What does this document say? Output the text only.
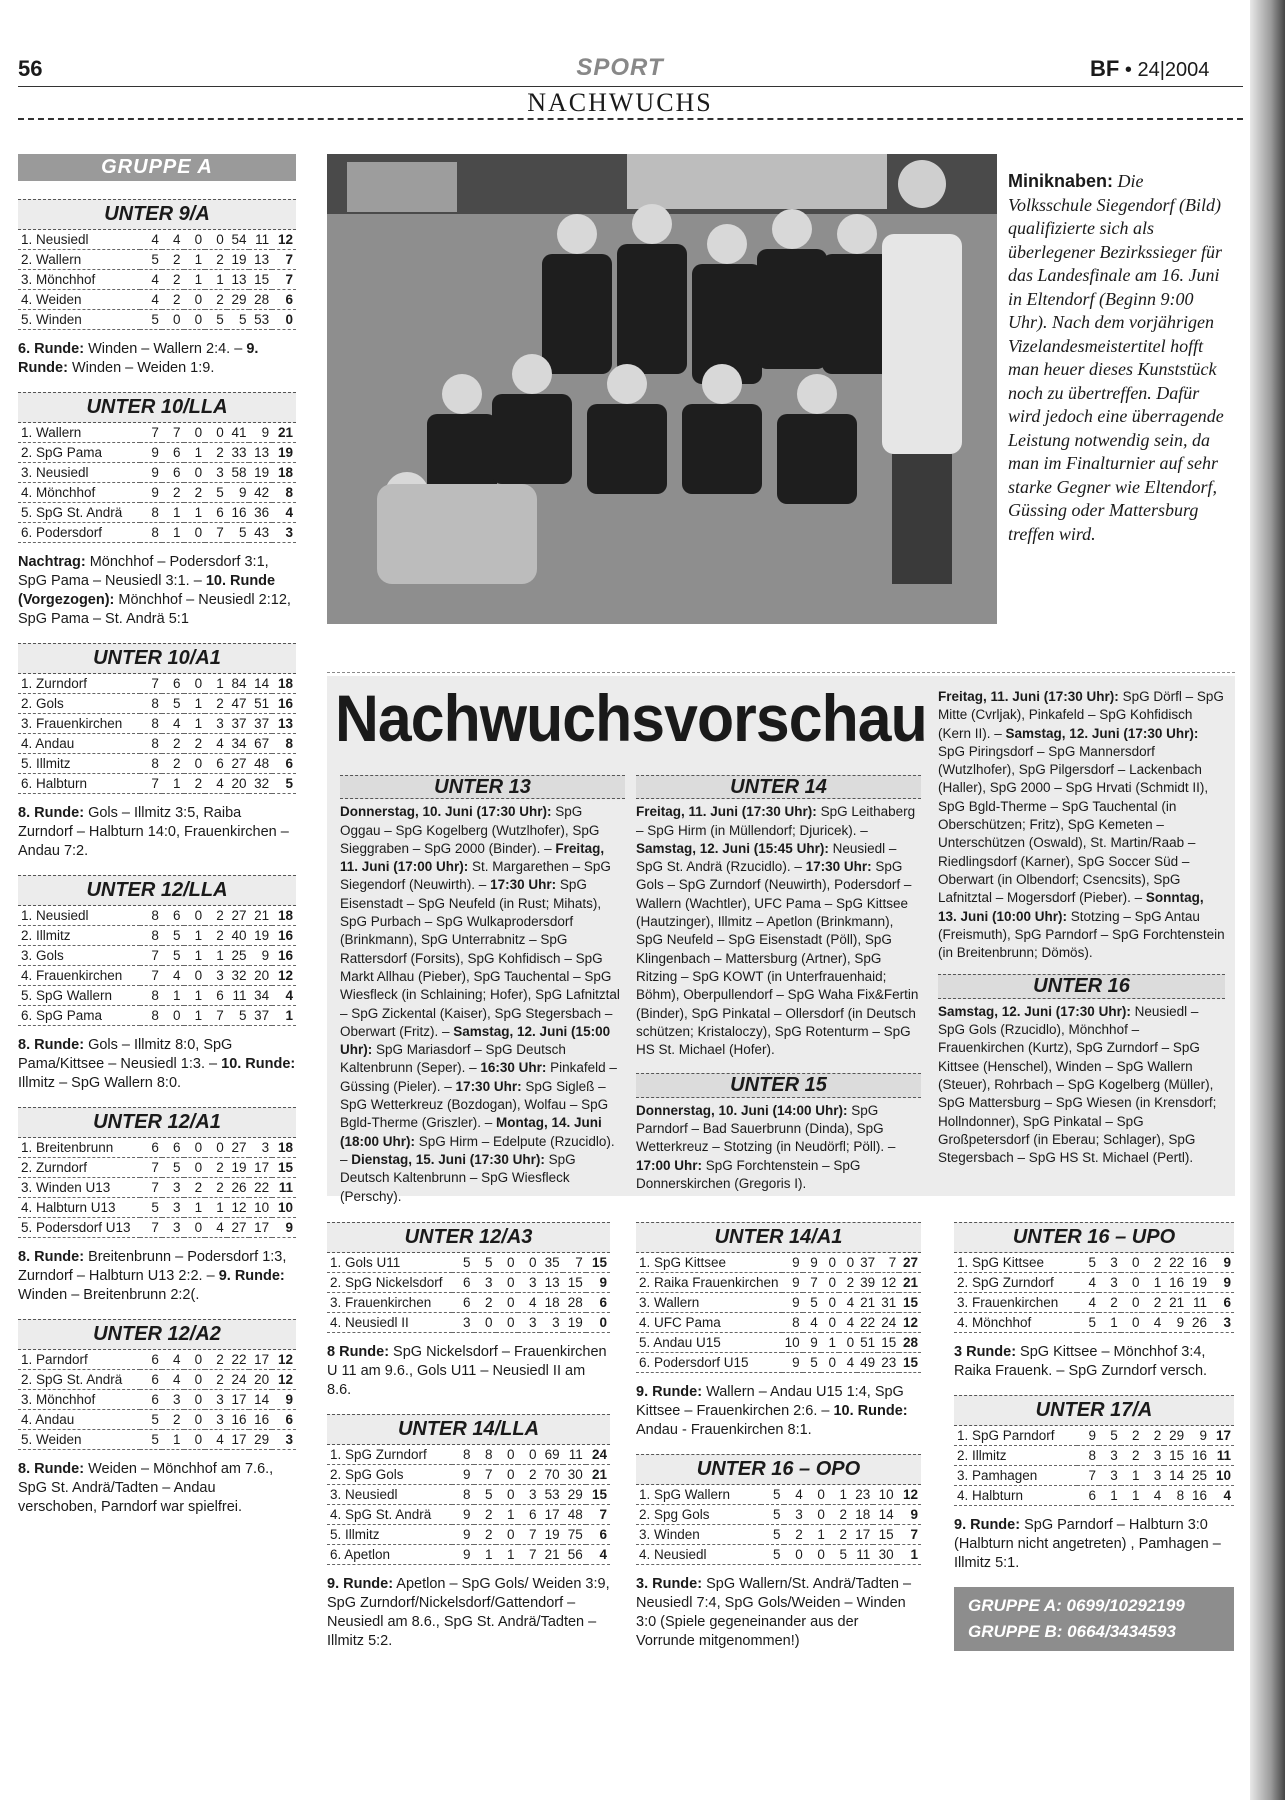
56	SPORT	BF • 24|2004
NACHWUCHS
GRUPPE A
UNTER 9/A
1. Neusiedl	4	4	0	0	54	11	12
2. Wallern	5	2	1	2	19	13	7
3. Mönchhof	4	2	1	1	13	15	7
4. Weiden	4	2	0	2	29	28	6
5. Winden	5	0	0	5	5	53	0
6. Runde: Winden – Wallern 2:4. – 9. Runde: Winden – Weiden 1:9.
UNTER 10/LLA
1. Wallern	7	7	0	0	41	9	21
2. SpG Pama	9	6	1	2	33	13	19
3. Neusiedl	9	6	0	3	58	19	18
4. Mönchhof	9	2	2	5	9	42	8
5. SpG St. Andrä	8	1	1	6	16	36	4
6. Podersdorf	8	1	0	7	5	43	3
Nachtrag: Mönchhof – Podersdorf 3:1, SpG Pama – Neusiedl 3:1. – 10. Runde (Vorgezogen): Mönchhof – Neusiedl 2:12, SpG Pama – St. Andrä 5:1
UNTER 10/A1
1. Zurndorf	7	6	0	1	84	14	18
2. Gols	8	5	1	2	47	51	16
3. Frauenkirchen	8	4	1	3	37	37	13
4. Andau	8	2	2	4	34	67	8
5. Illmitz	8	2	0	6	27	48	6
6. Halbturn	7	1	2	4	20	32	5
8. Runde: Gols – Illmitz 3:5, Raiba Zurndorf – Halbturn 14:0, Frauenkirchen – Andau 7:2.
UNTER 12/LLA
1. Neusiedl	8	6	0	2	27	21	18
2. Illmitz	8	5	1	2	40	19	16
3. Gols	7	5	1	1	25	9	16
4. Frauenkirchen	7	4	0	3	32	20	12
5. SpG Wallern	8	1	1	6	11	34	4
6. SpG Pama	8	0	1	7	5	37	1
8. Runde: Gols – Illmitz 8:0, SpG Pama/Kittsee – Neusiedl 1:3. – 10. Runde: Illmitz – SpG Wallern 8:0.
UNTER 12/A1
1. Breitenbrunn	6	6	0	0	27	3	18
2. Zurndorf	7	5	0	2	19	17	15
3. Winden U13	7	3	2	2	26	22	11
4. Halbturn U13	5	3	1	1	12	10	10
5. Podersdorf U13	7	3	0	4	27	17	9
8. Runde: Breitenbrunn – Podersdorf 1:3, Zurndorf – Halbturn U13 2:2. – 9. Runde: Winden – Breitenbrunn 2:2(.
UNTER 12/A2
1. Parndorf	6	4	0	2	22	17	12
2. SpG St. Andrä	6	4	0	2	24	20	12
3. Mönchhof	6	3	0	3	17	14	9
4. Andau	5	2	0	3	16	16	6
5. Weiden	5	1	0	4	17	29	3
8. Runde: Weiden – Mönchhof am 7.6., SpG St. Andrä/Tadten – Andau verschoben, Parndorf war spielfrei.
Miniknaben: Die Volksschule Siegendorf (Bild) qualifizierte sich als überlegener Bezirkssieger für das Landesfinale am 16. Juni in Eltendorf (Beginn 9:00 Uhr). Nach dem vorjährigen Vizelandesmeistertitel hofft man heuer dieses Kunststück noch zu übertreffen. Dafür wird jedoch eine überragende Leistung notwendig sein, da man im Finalturnier auf sehr starke Gegner wie Eltendorf, Güssing oder Mattersburg treffen wird.
Nachwuchsvorschau
UNTER 13

Donnerstag, 10. Juni (17:30 Uhr): SpG Oggau – SpG Kogelberg (Wutzlhofer), SpG Sieggraben – SpG 2000 (Binder). – Freitag, 11. Juni (17:00 Uhr): St. Margarethen – SpG Siegendorf (Neuwirth). – 17:30 Uhr: SpG Eisenstadt – SpG Neufeld (in Rust; Mihats), SpG Purbach – SpG Wulkaprodersdorf (Brinkmann), SpG Unterrabnitz – SpG Rattersdorf (Forsits), SpG Kohfidisch – SpG Markt Allhau (Pieber), SpG Tauchental – SpG Wiesfleck (in Schlaining; Hofer), SpG Lafnitztal – SpG Zickental (Kaiser), SpG Stegersbach – Oberwart (Fritz). – Samstag, 12. Juni (15:00 Uhr): SpG Mariasdorf – SpG Deutsch Kaltenbrunn (Seper). – 16:30 Uhr: Pinkafeld – Güssing (Pieler). – 17:30 Uhr: SpG Sigleß – SpG Wetterkreuz (Bozdogan), Wolfau – SpG Bgld-Therme (Griszler). – Montag, 14. Juni (18:00 Uhr): SpG Hirm – Edelpute (Rzucidlo). – Dienstag, 15. Juni (17:30 Uhr): SpG Deutsch Kaltenbrunn – SpG Wiesfleck (Perschy).

UNTER 14

Freitag, 11. Juni (17:30 Uhr): SpG Leithaberg – SpG Hirm (in Müllendorf; Djuricek). – Samstag, 12. Juni (15:45 Uhr): Neusiedl – SpG St. Andrä (Rzucidlo). – 17:30 Uhr: SpG Gols – SpG Zurndorf (Neuwirth), Podersdorf – Wallern (Wachtler), UFC Pama – SpG Kittsee (Hautzinger), Illmitz – Apetlon (Brinkmann), SpG Neufeld – SpG Eisenstadt (Pöll), SpG Klingenbach – Mattersburg (Artner), SpG Ritzing – SpG KOWT (in Unterfrauenhaid; Böhm), Oberpullendorf – SpG Waha Fix&Fertin (Binder), SpG Pinkatal – Ollersdorf (in Deutsch schützen; Kristaloczy), SpG Rotenturm – SpG HS St. Michael (Hofer).

UNTER 15

Donnerstag, 10. Juni (14:00 Uhr): SpG Parndorf – Bad Sauerbrunn (Dinda), SpG Wetterkreuz – Stotzing (in Neudörfl; Pöll). – 17:00 Uhr: SpG Forchtenstein – SpG Donnerskirchen (Gregoris I).

Freitag, 11. Juni (17:30 Uhr): SpG Dörfl – SpG Mitte (Cvrljak), Pinkafeld – SpG Kohfidisch (Kern II). – Samstag, 12. Juni (17:30 Uhr): SpG Piringsdorf – SpG Mannersdorf (Wutzlhofer), SpG Pilgersdorf – Lackenbach (Haller), SpG 2000 – SpG Hrvati (Schmidt II), SpG Bgld-Therme – SpG Tauchental (in Oberschützen; Fritz), SpG Kemeten – Unterschützen (Oswald), St. Martin/Raab – Riedlingsdorf (Karner), SpG Soccer Süd – Oberwart (in Olbendorf; Csencsits), SpG Lafnitztal – Mogersdorf (Pieber). – Sonntag, 13. Juni (10:00 Uhr): Stotzing – SpG Antau (Freismuth), SpG Parndorf – SpG Forchtenstein (in Breitenbrunn; Dömös).

UNTER 16

Samstag, 12. Juni (17:30 Uhr): Neusiedl – SpG Gols (Rzucidlo), Mönchhof – Frauenkirchen (Kurtz), SpG Zurndorf – SpG Kittsee (Henschel), Winden – SpG Wallern (Steuer), Rohrbach – SpG Kogelberg (Müller), SpG Mattersburg – SpG Wiesen (in Krensdorf; Hollndonner), SpG Pinkatal – SpG Großpetersdorf (in Eberau; Schlager), SpG Stegersbach – SpG HS St. Michael (Pertl).

UNTER 12/A3
1. Gols U11	5	5	0	0	35	7	15
2. SpG Nickelsdorf	6	3	0	3	13	15	9
3. Frauenkirchen	6	2	0	4	18	28	6
4. Neusiedl II	3	0	0	3	3	19	0
8 Runde: SpG Nickelsdorf – Frauenkirchen U 11 am 9.6., Gols U11 – Neusiedl II am 8.6.
UNTER 14/LLA
1. SpG Zurndorf	8	8	0	0	69	11	24
2. SpG Gols	9	7	0	2	70	30	21
3. Neusiedl	8	5	0	3	53	29	15
4. SpG St. Andrä	9	2	1	6	17	48	7
5. Illmitz	9	2	0	7	19	75	6
6. Apetlon	9	1	1	7	21	56	4
9. Runde: Apetlon – SpG Gols/ Weiden 3:9, SpG Zurndorf/Nickelsdorf/Gattendorf – Neusiedl am 8.6., SpG St. Andrä/Tadten – Illmitz 5:2.
UNTER 14/A1
1. SpG Kittsee	9	9	0	0	37	7	27
2. Raika Frauenkirchen	9	7	0	2	39	12	21
3. Wallern	9	5	0	4	21	31	15
4. UFC Pama	8	4	0	4	22	24	12
5. Andau U15	10	9	1	0	51	15	28
6. Podersdorf U15	9	5	0	4	49	23	15
9. Runde: Wallern – Andau U15 1:4, SpG Kittsee – Frauenkirchen 2:6. – 10. Runde: Andau - Frauenkirchen 8:1.
UNTER 16 – OPO
1. SpG Wallern	5	4	0	1	23	10	12
2. Spg Gols	5	3	0	2	18	14	9
3. Winden	5	2	1	2	17	15	7
4. Neusiedl	5	0	0	5	11	30	1
3. Runde: SpG Wallern/St. Andrä/Tadten – Neusiedl 7:4, SpG Gols/Weiden – Winden 3:0 (Spiele gegeneinander aus der Vorrunde mitgenommen!)
UNTER 16 – UPO
1. SpG Kittsee	5	3	0	2	22	16	9
2. SpG Zurndorf	4	3	0	1	16	19	9
3. Frauenkirchen	4	2	0	2	21	11	6
4. Mönchhof	5	1	0	4	9	26	3
3 Runde: SpG Kittsee – Mönchhof 3:4, Raika Frauenk. – SpG Zurndorf versch.
UNTER 17/A
1. SpG Parndorf	9	5	2	2	29	9	17
2. Illmitz	8	3	2	3	15	16	11
3. Pamhagen	7	3	1	3	14	25	10
4. Halbturn	6	1	1	4	8	16	4
9. Runde: SpG Parndorf – Halbturn 3:0 (Halbturn nicht angetreten) , Pamhagen – Illmitz 5:1.
GRUPPE A: 0699/10292199
GRUPPE B: 0664/3434593
